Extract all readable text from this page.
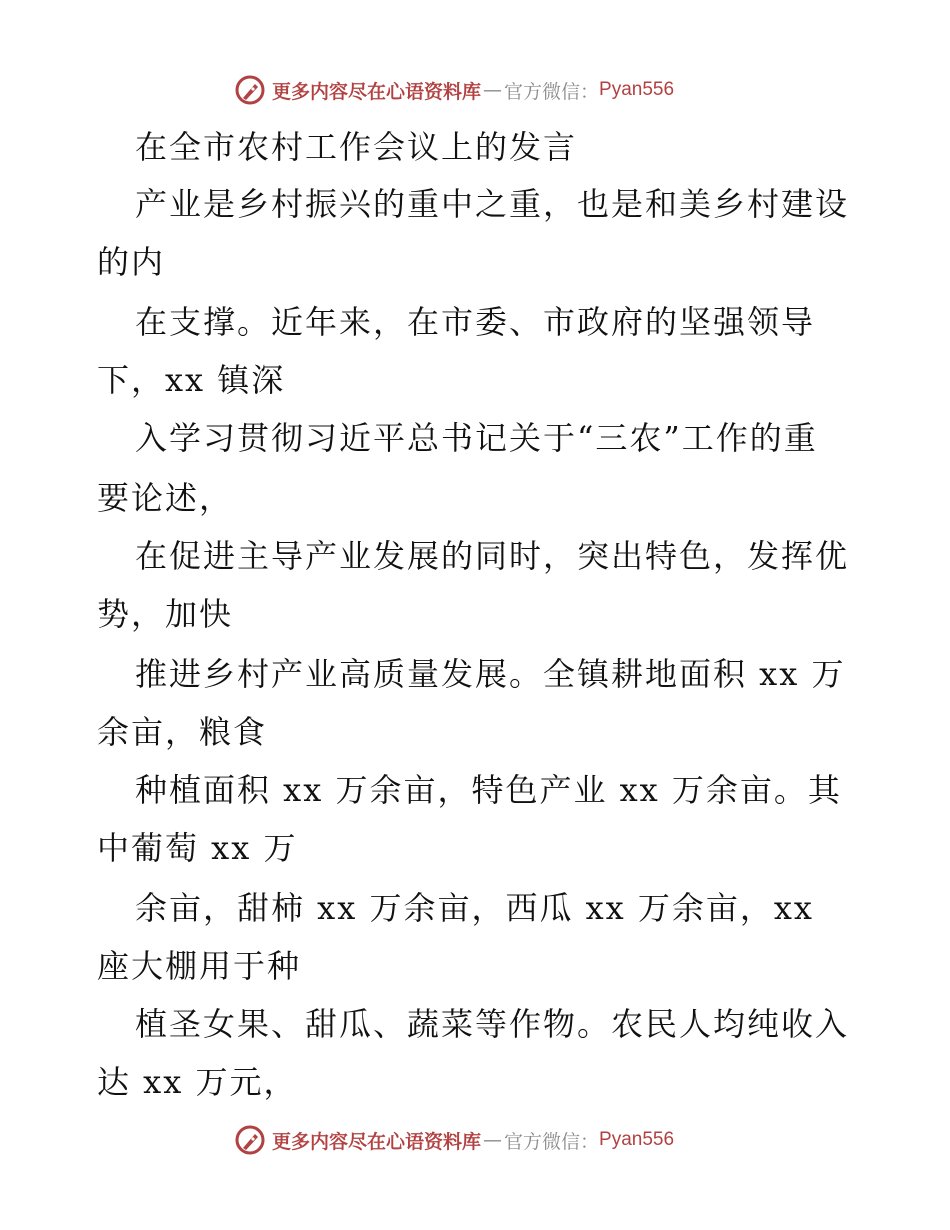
更多内容尽在心语资料库 — 官方微信： Pyan556
在全市农村工作会议上的发言
产业是乡村振兴的重中之重，也是和美乡村建设
的内
在支撑。近年来，在市委、市政府的坚强领导
下，xx 镇深
入学习贯彻习近平总书记关于“三农”工作的重
要论述，
在促进主导产业发展的同时，突出特色，发挥优
势，加快
推进乡村产业高质量发展。全镇耕地面积 xx 万
余亩，粮食
种植面积 xx 万余亩，特色产业 xx 万余亩。其
中葡萄 xx 万
余亩，甜柿 xx 万余亩，西瓜 xx 万余亩，xx
座大棚用于种
植圣女果、甜瓜、蔬菜等作物。农民人均纯收入
达 xx 万元，
更多内容尽在心语资料库 — 官方微信： Pyan556
